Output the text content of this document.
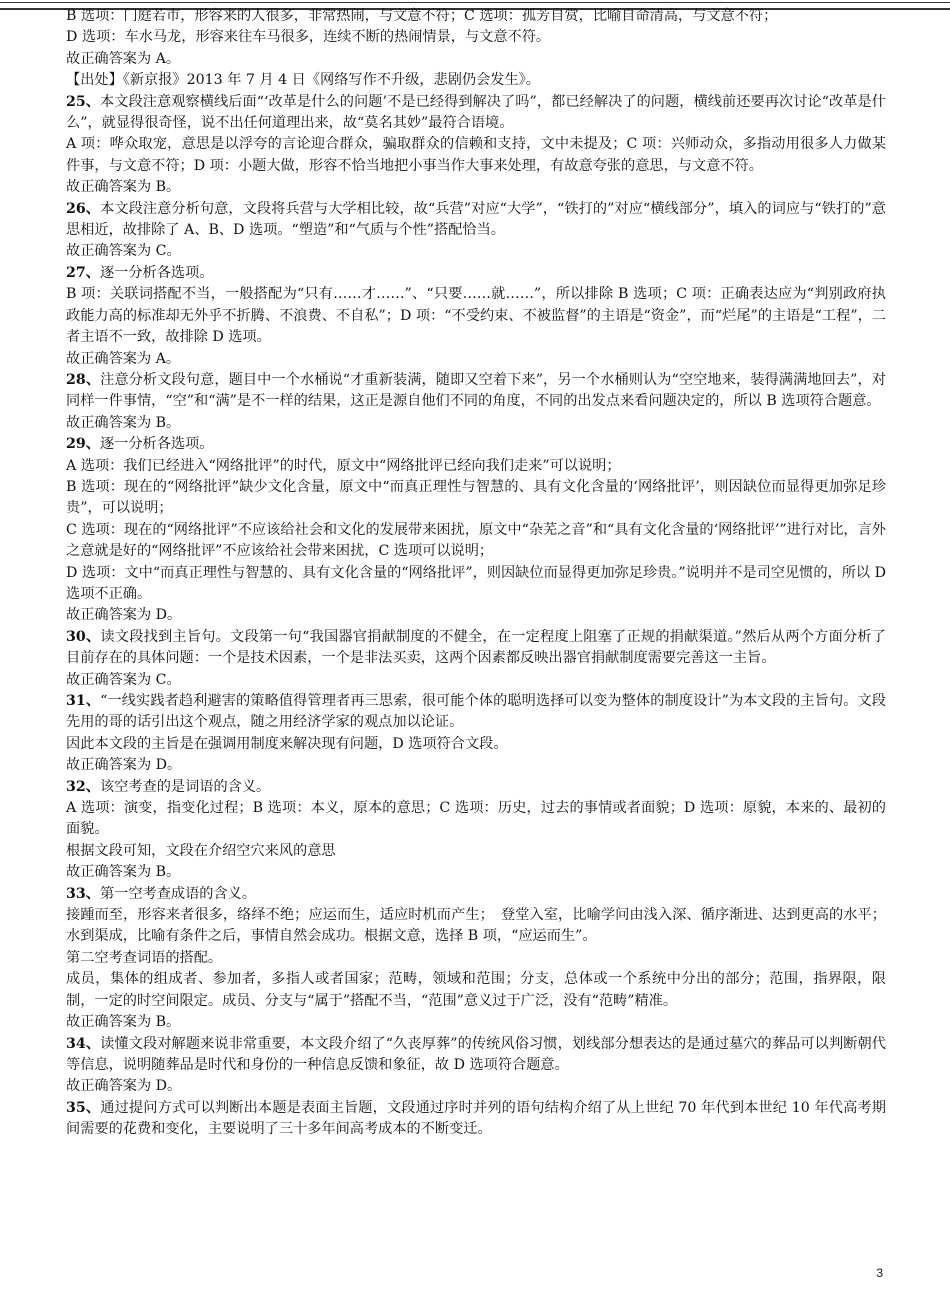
B 选项：门庭若市，形容来的人很多，非常热闹，与文意不符；C 选项：孤芳自赏，比喻自命清高，与文意不符；

D 选项：车水马龙，形容来往车马很多，连续不断的热闹情景，与文意不符。

故正确答案为 A。

【出处】《新京报》2013 年 7 月 4 日《网络写作不升级，悲剧仍会发生》。

25、本文段注意观察横线后面“‘改革是什么的问题’不是已经得到解决了吗”，都已经解决了的问题，横线前还要再次讨论“改革是什么”，就显得很奇怪，说不出任何道理出来，故“莫名其妙”最符合语境。

A 项：哗众取宠，意思是以浮夸的言论迎合群众，骗取群众的信赖和支持，文中未提及；C 项：兴师动众，多指动用很多人力做某件事，与文意不符；D 项：小题大做，形容不恰当地把小事当作大事来处理，有故意夸张的意思，与文意不符。

故正确答案为 B。

26、本文段注意分析句意，文段将兵营与大学相比较，故“兵营”对应“大学”，“铁打的”对应“横线部分”，填入的词应与“铁打的”意思相近，故排除了 A、B、D 选项。“塑造”和“气质与个性”搭配恰当。

故正确答案为 C。

27、逐一分析各选项。

B 项：关联词搭配不当，一般搭配为“只有……才……”、“只要……就……”，所以排除 B 选项；C 项：正确表达应为“判别政府执政能力高的标准却无外乎不折腾、不浪费、不自私”；D 项：“不受约束、不被监督”的主语是“资金”，而“烂尾”的主语是“工程”，二者主语不一致，故排除 D 选项。

故正确答案为 A。

28、注意分析文段句意，题目中一个水桶说“才重新装满，随即又空着下来”，另一个水桶则认为“空空地来，装得满满地回去”，对同样一件事情，“空”和“满”是不一样的结果，这正是源自他们不同的角度，不同的出发点来看问题决定的，所以 B 选项符合题意。

故正确答案为 B。

29、逐一分析各选项。

A 选项：我们已经进入“网络批评”的时代，原文中“网络批评已经向我们走来”可以说明；

B 选项：现在的“网络批评”缺少文化含量，原文中“而真正理性与智慧的、具有文化含量的‘网络批评’，则因缺位而显得更加弥足珍贵”，可以说明；

C 选项：现在的“网络批评”不应该给社会和文化的发展带来困扰，原文中“杂芜之音”和“具有文化含量的‘网络批评’”进行对比，言外之意就是好的“网络批评”不应该给社会带来困扰，C 选项可以说明；

D 选项：文中“而真正理性与智慧的、具有文化含量的“网络批评”，则因缺位而显得更加弥足珍贵。”说明并不是司空见惯的，所以 D 选项不正确。

故正确答案为 D。

30、读文段找到主旨句。文段第一句“我国器官捐献制度的不健全，在一定程度上阻塞了正规的捐献渠道。”然后从两个方面分析了目前存在的具体问题：一个是技术因素，一个是非法买卖，这两个因素都反映出器官捐献制度需要完善这一主旨。

故正确答案为 C。

31、“一线实践者趋利避害的策略值得管理者再三思索，很可能个体的聪明选择可以变为整体的制度设计”为本文段的主旨句。文段先用的哥的话引出这个观点，随之用经济学家的观点加以论证。

因此本文段的主旨是在强调用制度来解决现有问题，D 选项符合文段。

故正确答案为 D。

32、该空考查的是词语的含义。

A 选项：演变，指变化过程；B 选项：本义，原本的意思；C 选项：历史，过去的事情或者面貌；D 选项：原貌，本来的、最初的面貌。

根据文段可知，文段在介绍空穴来风的意思

故正确答案为 B。

33、第一空考查成语的含义。

接踵而至，形容来者很多，络绎不绝；应运而生，适应时机而产生；　登堂入室，比喻学问由浅入深、循序渐进、达到更高的水平；水到渠成，比喻有条件之后，事情自然会成功。根据文意，选择 B 项，“应运而生”。

第二空考查词语的搭配。

成员，集体的组成者、参加者，多指人或者国家；范畴，领域和范围；分支，总体或一个系统中分出的部分；范围，指界限，限制，一定的时空间限定。成员、分支与“属于”搭配不当，“范围”意义过于广泛，没有“范畴”精准。

故正确答案为 B。

34、读懂文段对解题来说非常重要，本文段介绍了“久丧厚葬”的传统风俗习惯，划线部分想表达的是通过墓穴的葬品可以判断朝代等信息，说明随葬品是时代和身份的一种信息反馈和象征，故 D 选项符合题意。

故正确答案为 D。

35、通过提问方式可以判断出本题是表面主旨题，文段通过序时并列的语句结构介绍了从上世纪 70 年代到本世纪 10 年代高考期间需要的花费和变化，主要说明了三十多年间高考成本的不断变迁。

3
